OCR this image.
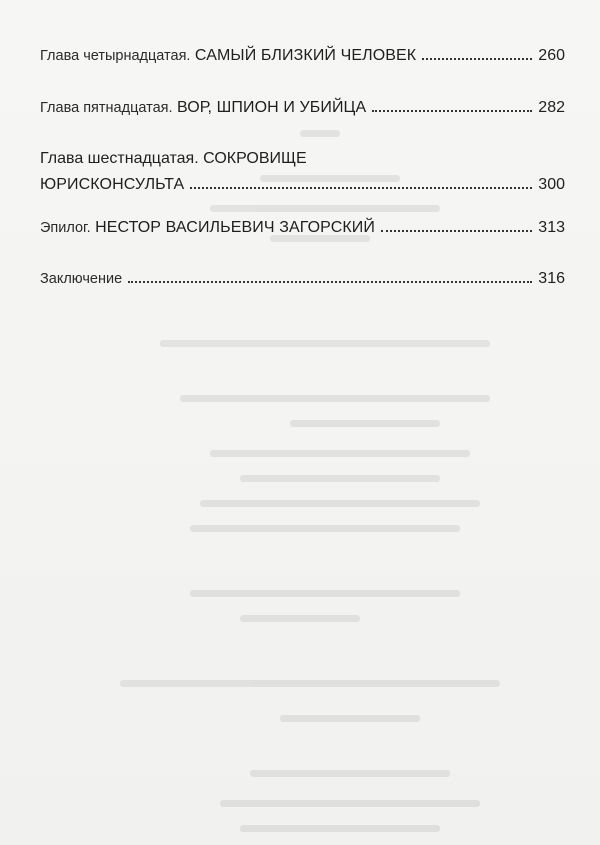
Глава четырнадцатая. САМЫЙ БЛИЗКИЙ ЧЕЛОВЕК	260
Глава пятнадцатая. ВОР, ШПИОН И УБИЙЦА	282
Глава шестнадцатая. СОКРОВИЩЕ
ЮРИСКОНСУЛЬТА	300
Эпилог. НЕСТОР ВАСИЛЬЕВИЧ ЗАГОРСКИЙ	313
Заключение	316
